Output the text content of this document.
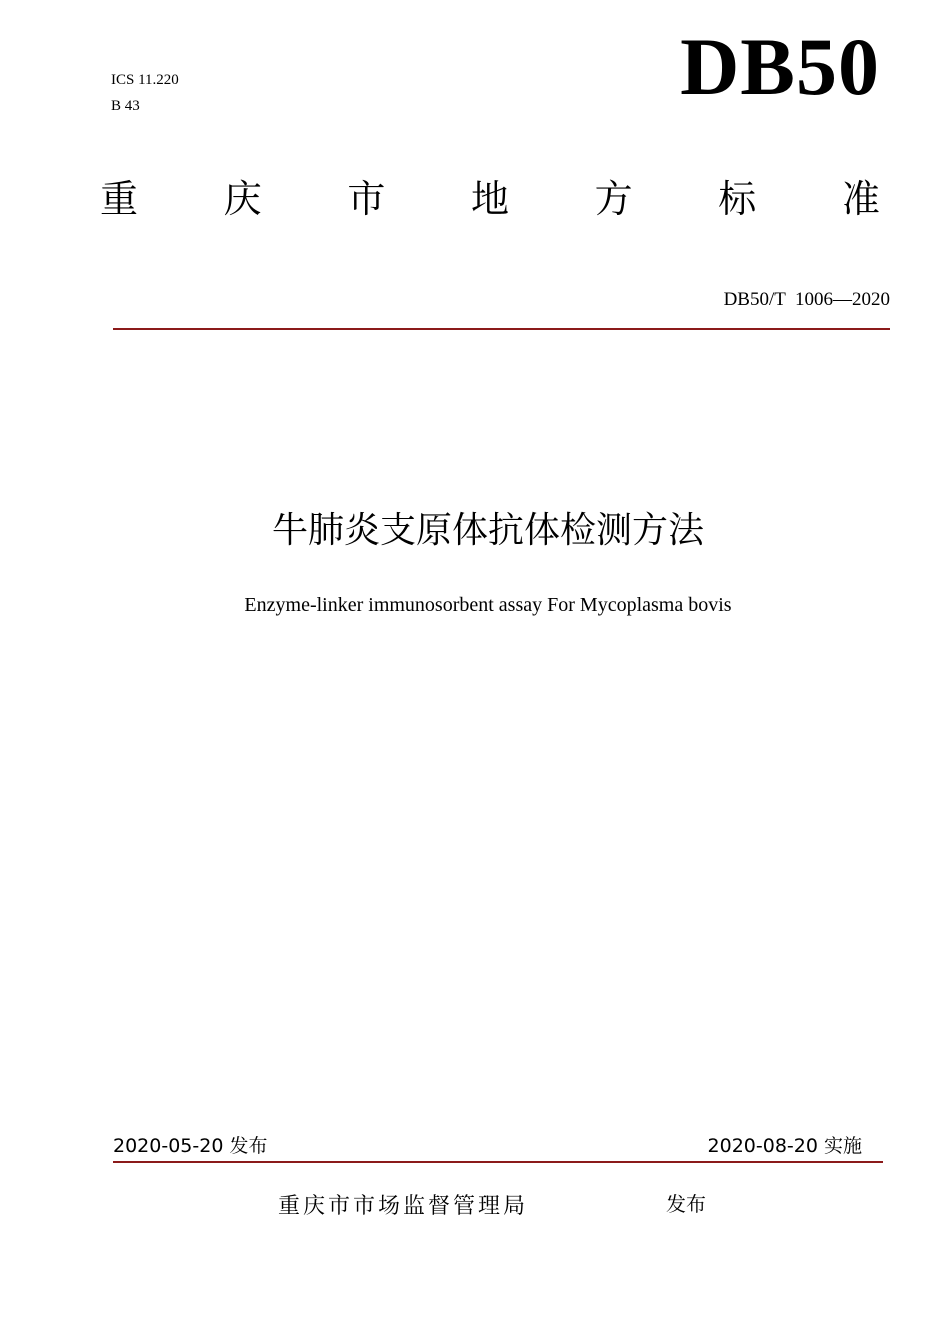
ICS 11.220
B 43	DB50
重 庆 市 地 方 标 准
DB50/T  1006—2020
牛肺炎支原体抗体检测方法
Enzyme-linker immunosorbent assay For Mycoplasma bovis
2020-05-20 发布	2020-08-20 实施
重庆市市场监督管理局	发布
